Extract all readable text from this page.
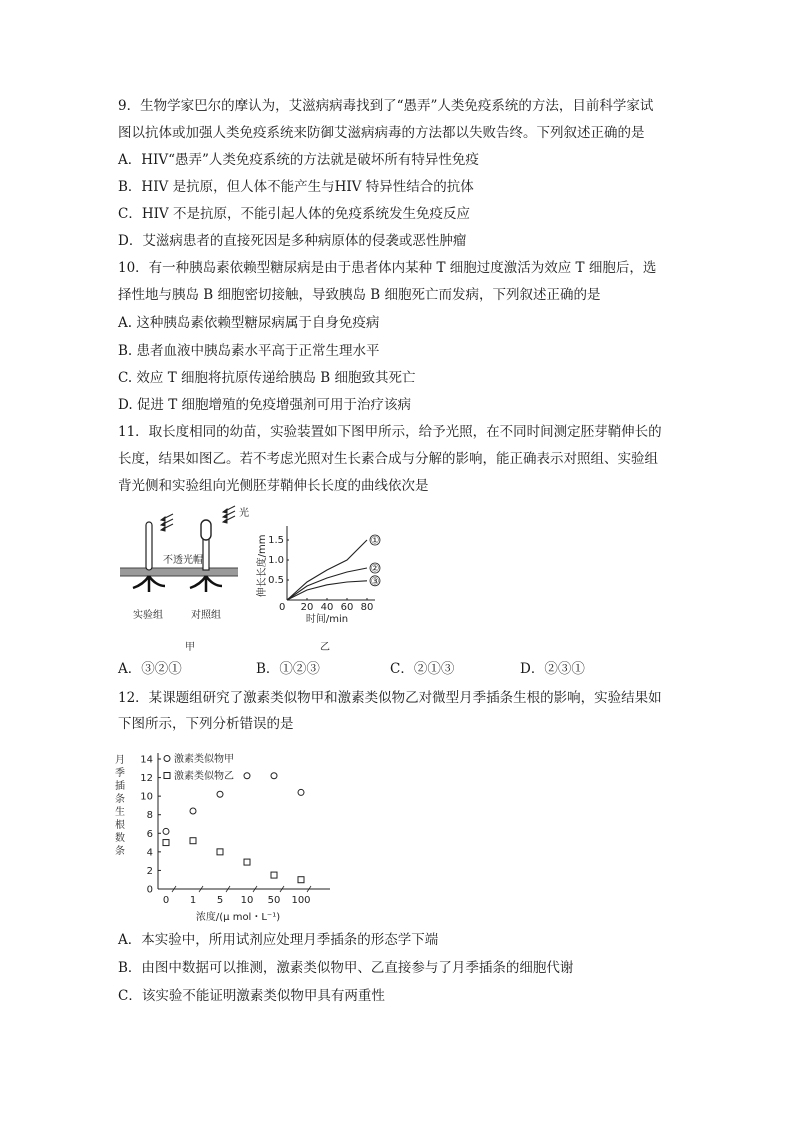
9．生物学家巴尔的摩认为，艾滋病病毒找到了“愚弄”人类免疫系统的方法，目前科学家试
图以抗体或加强人类免疫系统来防御艾滋病病毒的方法都以失败告终。下列叙述正确的是
A．HIV“愚弄”人类免疫系统的方法就是破坏所有特异性免疫
B．HIV 是抗原，但人体不能产生与HIV 特异性结合的抗体
C．HIV 不是抗原，不能引起人体的免疫系统发生免疫反应
D．艾滋病患者的直接死因是多种病原体的侵袭或恶性肿瘤
10．有一种胰岛素依赖型糖尿病是由于患者体内某种 T 细胞过度激活为效应 T 细胞后，选
择性地与胰岛 B 细胞密切接触，导致胰岛 B 细胞死亡而发病，下列叙述正确的是
A. 这种胰岛素依赖型糖尿病属于自身免疫病
B. 患者血液中胰岛素水平高于正常生理水平
C. 效应 T 细胞将抗原传递给胰岛 B 细胞致其死亡
D. 促进 T 细胞增殖的免疫增强剂可用于治疗该病
11．取长度相同的幼苗，实验装置如下图甲所示，给予光照，在不同时间测定胚芽鞘伸长的
长度，结果如图乙。若不考虑光照对生长素合成与分解的影响，能正确表示对照组、实验组
背光侧和实验组向光侧胚芽鞘伸长长度的曲线依次是
光
不透光帽
实验组	对照组
甲	乙
0 20 40 60 80
0.5
1.0
1.5
时间/min
伸长长度/mm	①
②
③
A．③②①	B．①②③	C．②①③	D．②③①
12．某课题组研究了激素类似物甲和激素类似物乙对微型月季插条生根的影响，实验结果如
下图所示，下列分析错误的是
0
2
4
6
8
10
12
14
0 1 5 10 50 100
浓度/(μ mol・L⁻¹)
月
季
插
条
生
根
数
条
激素类似物甲
激素类似物乙
A．本实验中，所用试剂应处理月季插条的形态学下端
B．由图中数据可以推测，激素类似物甲、乙直接参与了月季插条的细胞代谢
C．该实验不能证明激素类似物甲具有两重性
